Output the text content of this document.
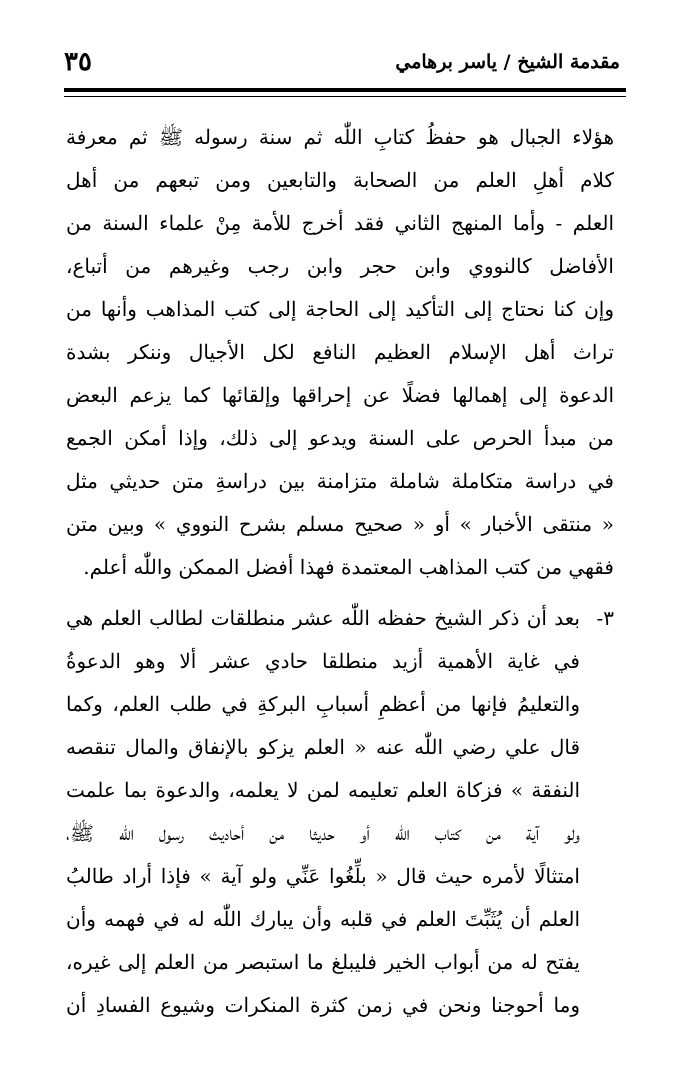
٣٥	مقدمة الشيخ / ياسر برهامي
هؤلاء الجبال هو حفظُ كتابِ اللّٰه ثم سنة رسوله ﷺ ثم معرفة
كلام أهلِ العلم من الصحابة والتابعين ومن تبعهم من أهل
العلم - وأما المنهج الثاني فقد أخرج للأمة مِنْ علماء السنة من
الأفاضل كالنووي وابن حجر وابن رجب وغيرهم من أتباع،
وإن كنا نحتاج إلى التأكيد إلى الحاجة إلى كتب المذاهب وأنها من
تراث أهل الإسلام العظيم النافع لكل الأجيال وننكر بشدة
الدعوة إلى إهمالها فضلًا عن إحراقها وإلقائها كما يزعم البعض
من مبدأ الحرص على السنة ويدعو إلى ذلك، وإذا أمكن الجمع
في دراسة متكاملة شاملة متزامنة بين دراسةِ متن حديثي مثل
« منتقى الأخبار » أو « صحيح مسلم بشرح النووي » وبين متن
فقهي من كتب المذاهب المعتمدة فهذا أفضل الممكن واللّٰه أعلم.
٣-
بعد أن ذكر الشيخ حفظه اللّٰه عشر منطلقات لطالب العلم هي
في غاية الأهمية أزيد منطلقا حادي عشر ألا وهو الدعوةُ
والتعليمُ فإنها من أعظمِ أسبابِ البركةِ في طلب العلم، وكما
قال علي رضي اللّٰه عنه « العلم يزكو بالإنفاق والمال تنقصه
النفقة » فزكاة العلم تعليمه لمن لا يعلمه، والدعوة بما علمت
ولو آية من كتاب اللّٰه أو حديثا من أحاديث رسول اللّٰه ﷺ،
امتثالًا لأمره حيث قال « بلِّغُوا عَنِّي ولو آية » فإذا أراد طالبُ
العلم أن يُثَبِّتَ العلم في قلبه وأن يبارك اللّٰه له في فهمه وأن
يفتح له من أبواب الخير فليبلغ ما استبصر من العلم إلى غيره،
وما أحوجنا ونحن في زمن كثرة المنكرات وشيوع الفسادِ أن
